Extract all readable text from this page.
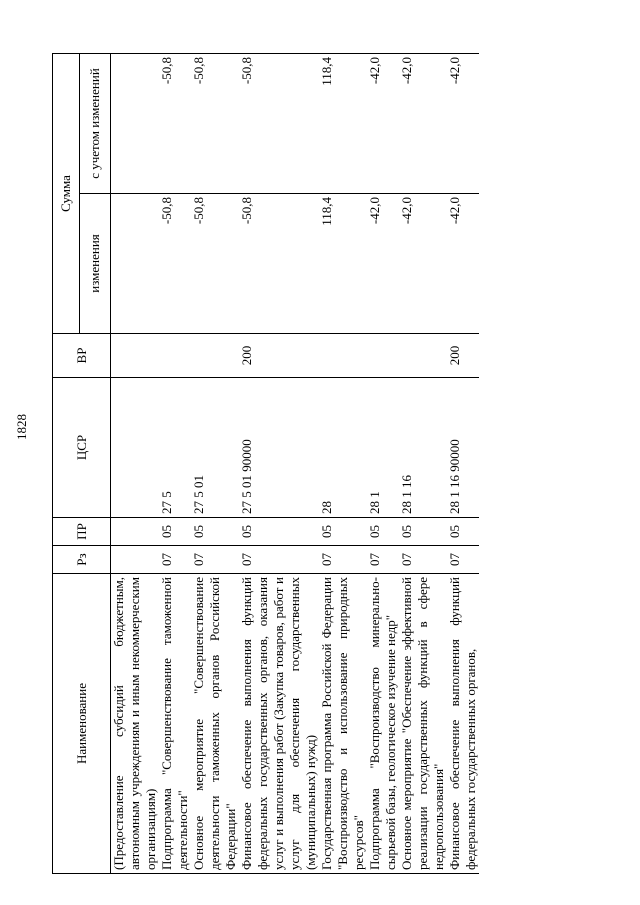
1828
Наименование	Рз	ПР	ЦСР	ВР	Сумма	
					изменения	с учетом изменений
(Предоставление субсидий бюджетным, автономным учреждениям и иным некоммерческим организациям)						
Подпрограмма "Совершенствование таможенной деятельности"	07	05	27 5		-50,8	-50,8
Основное мероприятие "Совершенствование деятельности таможенных органов Российской Федерации"	07	05	27 5 01		-50,8	-50,8
Финансовое обеспечение выполнения функций федеральных государственных органов, оказания услуг и выполнения работ (Закупка товаров, работ и услуг для обеспечения государственных (муниципальных) нужд)	07	05	27 5 01 90000	200	-50,8	-50,8
Государственная программа Российской Федерации "Воспроизводство и использование природных ресурсов"	07	05	28		118,4	118,4
Подпрограмма "Воспроизводство минерально-сырьевой базы, геологическое изучение недр"	07	05	28 1		-42,0	-42,0
Основное мероприятие "Обеспечение эффективной реализации государственных функций в сфере недропользования"	07	05	28 1 16		-42,0	-42,0
Финансовое обеспечение выполнения функций федеральных государственных органов,	07	05	28 1 16 90000	200	-42,0	-42,0
